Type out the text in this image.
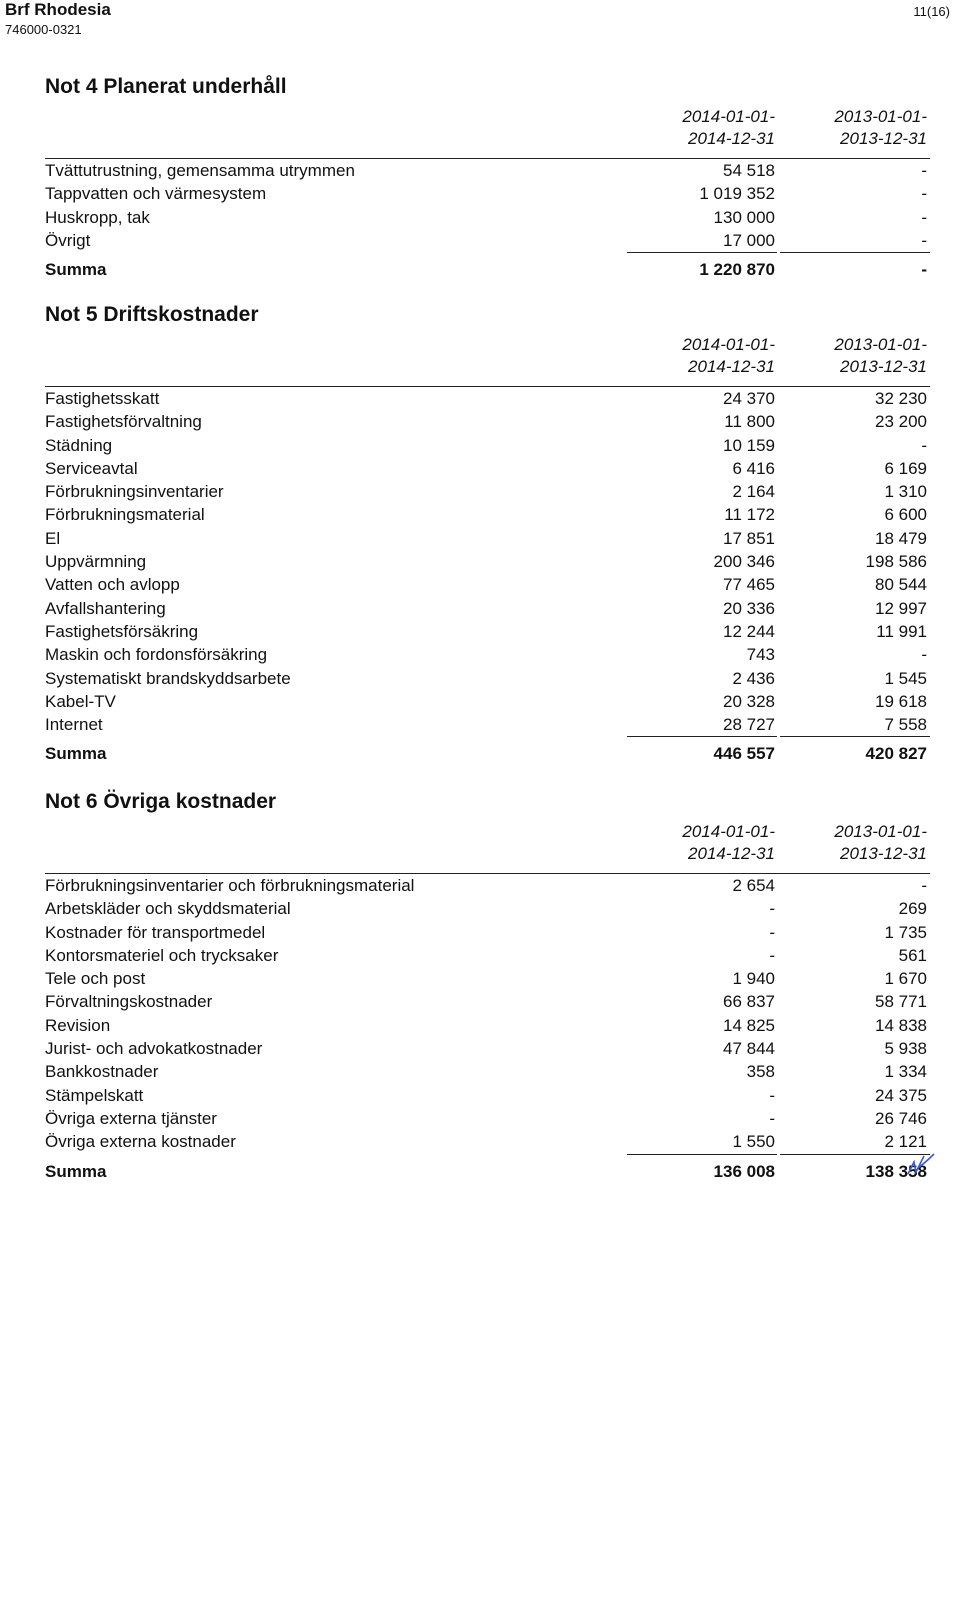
Brf Rhodesia
746000-0321
11(16)
Not 4 Planerat underhåll
2014-01-01-
2014-12-31
2013-01-01-
2013-12-31
Tvättutrustning, gemensamma utrymmen	54 518	-
Tappvatten och värmesystem	1 019 352	-
Huskropp, tak	130 000	-
Övrigt	17 000	-
Summa	1 220 870	-
Not 5 Driftskostnader
2014-01-01-
2014-12-31
2013-01-01-
2013-12-31
Fastighetsskatt	24 370	32 230
Fastighetsförvaltning	11 800	23 200
Städning	10 159	-
Serviceavtal	6 416	6 169
Förbrukningsinventarier	2 164	1 310
Förbrukningsmaterial	11 172	6 600
El	17 851	18 479
Uppvärmning	200 346	198 586
Vatten och avlopp	77 465	80 544
Avfallshantering	20 336	12 997
Fastighetsförsäkring	12 244	11 991
Maskin och fordonsförsäkring	743	-
Systematiskt brandskyddsarbete	2 436	1 545
Kabel-TV	20 328	19 618
Internet	28 727	7 558
Summa	446 557	420 827
Not 6 Övriga kostnader
2014-01-01-
2014-12-31
2013-01-01-
2013-12-31
Förbrukningsinventarier och förbrukningsmaterial	2 654	-
Arbetskläder och skyddsmaterial	-	269
Kostnader för transportmedel	-	1 735
Kontorsmateriel och trycksaker	-	561
Tele och post	1 940	1 670
Förvaltningskostnader	66 837	58 771
Revision	14 825	14 838
Jurist- och advokatkostnader	47 844	5 938
Bankkostnader	358	1 334
Stämpelskatt	-	24 375
Övriga externa tjänster	-	26 746
Övriga externa kostnader	1 550	2 121
Summa	136 008	138 358
